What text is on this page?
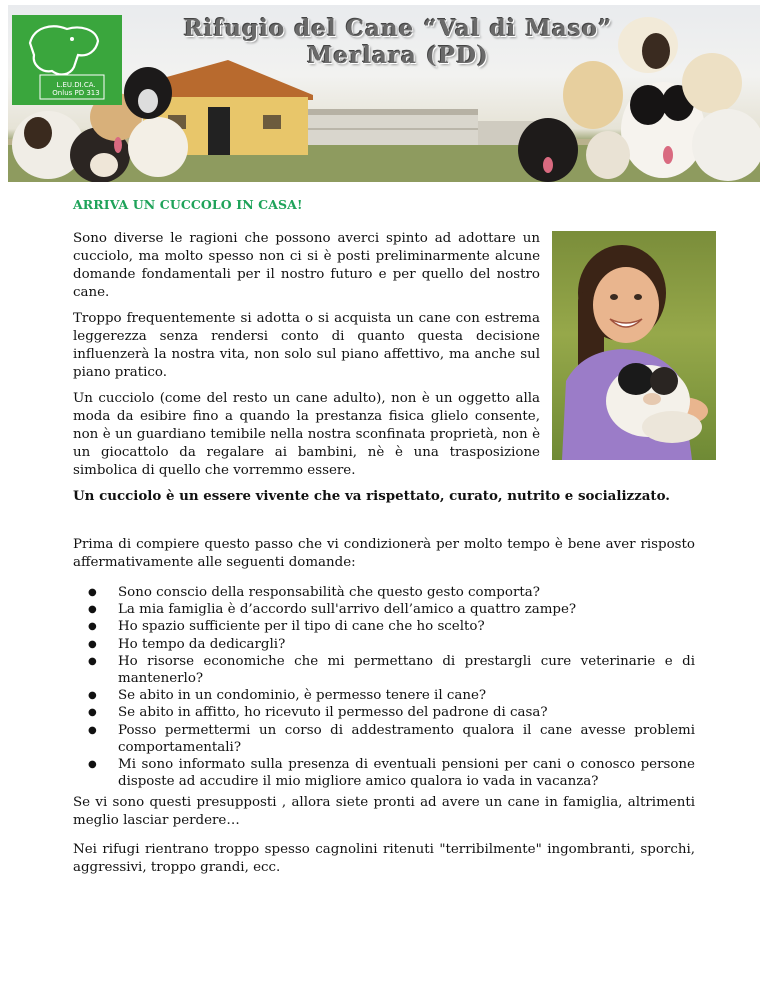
L.EU.DI.CA.
Onlus PD 313
Rifugio del Cane “Val di Maso”
Merlara (PD)
ARRIVA UN CUCCOLO IN CASA!

Sono diverse le ragioni che possono averci spinto ad adottare un cucciolo, ma molto spesso non ci si è posti preliminarmente alcune domande fondamentali per il nostro futuro e per quello del nostro cane.

Troppo frequentemente si adotta o si acquista un cane con estrema leggerezza senza rendersi conto di quanto questa decisione influenzerà la nostra vita, non solo sul piano affettivo, ma anche sul piano pratico.

Un cucciolo (come del resto un cane adulto), non è un oggetto alla moda da esibire fino a quando la prestanza fisica glielo consente, non è un guardiano temibile nella nostra sconfinata proprietà, non è un giocattolo da regalare ai bambini, nè è una trasposizione simbolica di quello che vorremmo essere.

Un cucciolo è un essere vivente che va rispettato, curato, nutrito e socializzato.

Prima di compiere questo passo che vi condizionerà per molto tempo è bene aver risposto affermativamente alle seguenti domande:

● Sono conscio della responsabilità che questo gesto comporta?
● La mia famiglia è d’accordo sull'arrivo dell’amico a quattro zampe?
● Ho spazio sufficiente per il tipo di cane che ho scelto?
● Ho tempo da dedicargli?
● Ho risorse economiche che mi permettano di prestargli cure veterinarie e di mantenerlo?
● Se abito in un condominio, è permesso tenere il cane?
● Se abito in affitto, ho ricevuto il permesso del padrone di casa?
● Posso permettermi un corso di addestramento qualora il cane avesse problemi comportamentali?
● Mi sono informato sulla presenza di eventuali pensioni per cani o conosco persone disposte ad accudire il mio migliore amico qualora io vada in vacanza?

Se vi sono questi presupposti , allora siete pronti ad avere un cane in famiglia, altrimenti meglio lasciar perdere…

Nei rifugi rientrano troppo spesso cagnolini ritenuti "terribilmente" ingombranti, sporchi, aggressivi, troppo grandi, ecc.
